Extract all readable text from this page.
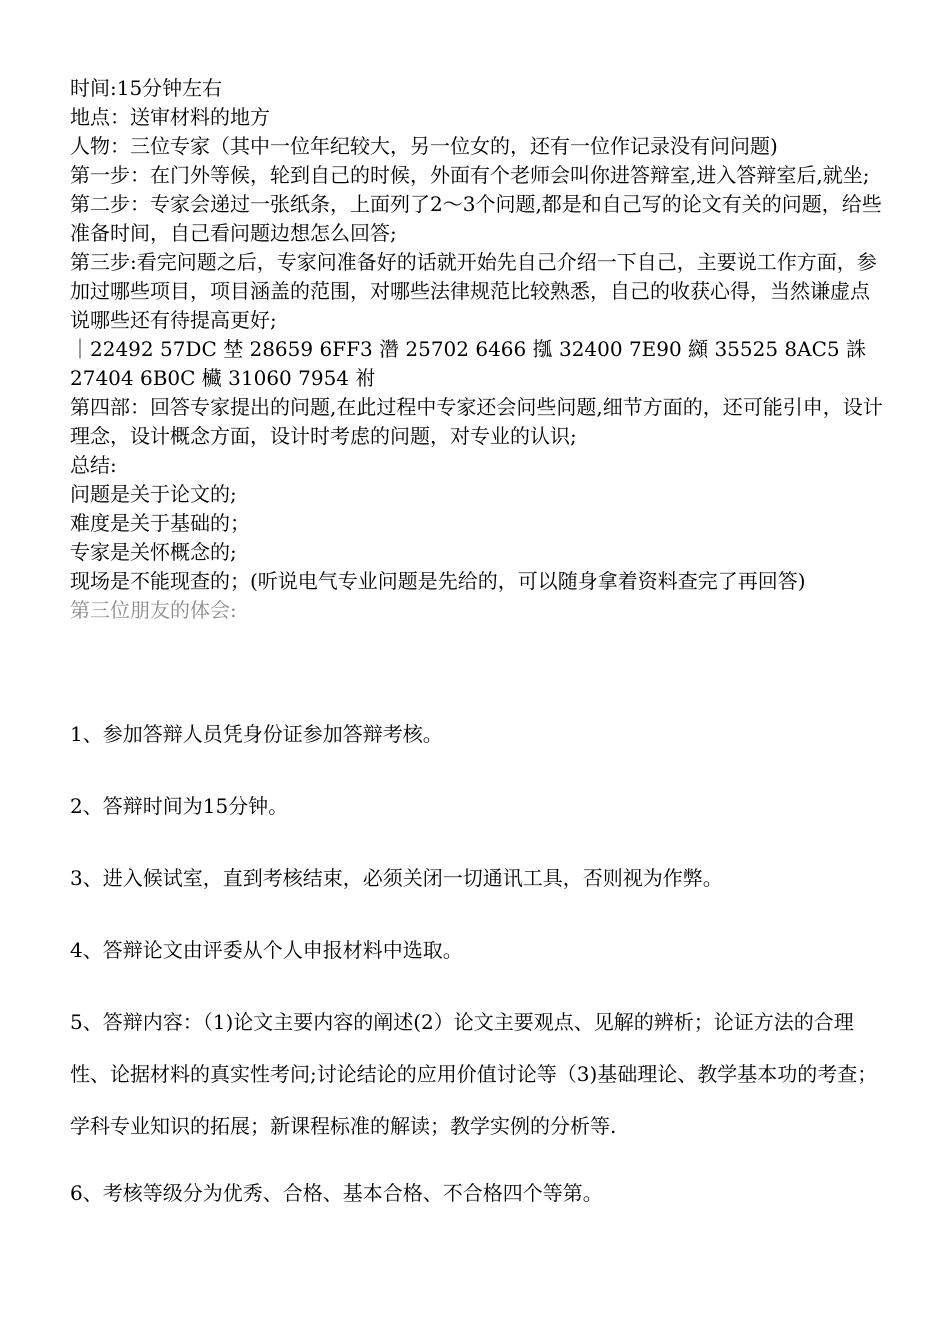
时间:15分钟左右

地点：送审材料的地方

人物：三位专家（其中一位年纪较大，另一位女的，还有一位作记录没有问问题)

第一步：在门外等候，轮到自己的时候，外面有个老师会叫你进答辩室,进入答辩室后,就坐;

第二步：专家会递过一张纸条，上面列了2～3个问题,都是和自己写的论文有关的问题，给些准备时间，自己看问题边想怎么回答;

第三步:看完问题之后，专家问准备好的话就开始先自己介绍一下自己，主要说工作方面，参加过哪些项目，项目涵盖的范围，对哪些法律规范比较熟悉，自己的收获心得，当然谦虚点说哪些还有待提高更好;

｜22492 57DC 埜 28659 6FF3 濳 25702 6466 摦 32400 7E90 纐 35525 8AC5 誅 27404 6B0C 欌 31060 7954 祔

第四部：回答专家提出的问题,在此过程中专家还会问些问题,细节方面的，还可能引申，设计理念，设计概念方面，设计时考虑的问题，对专业的认识;

总结:

问题是关于论文的;

难度是关于基础的；

专家是关怀概念的;

现场是不能现查的；(听说电气专业问题是先给的，可以随身拿着资料查完了再回答)

第三位朋友的体会:

1、参加答辩人员凭身份证参加答辩考核。

2、答辩时间为15分钟。

3、进入候试室，直到考核结束，必须关闭一切通讯工具，否则视为作弊。

4、答辩论文由评委从个人申报材料中选取。

5、答辩内容：（1)论文主要内容的阐述(2）论文主要观点、见解的辨析；论证方法的合理性、论据材料的真实性考问;讨论结论的应用价值讨论等（3)基础理论、教学基本功的考查；学科专业知识的拓展；新课程标准的解读；教学实例的分析等.

6、考核等级分为优秀、合格、基本合格、不合格四个等第。
